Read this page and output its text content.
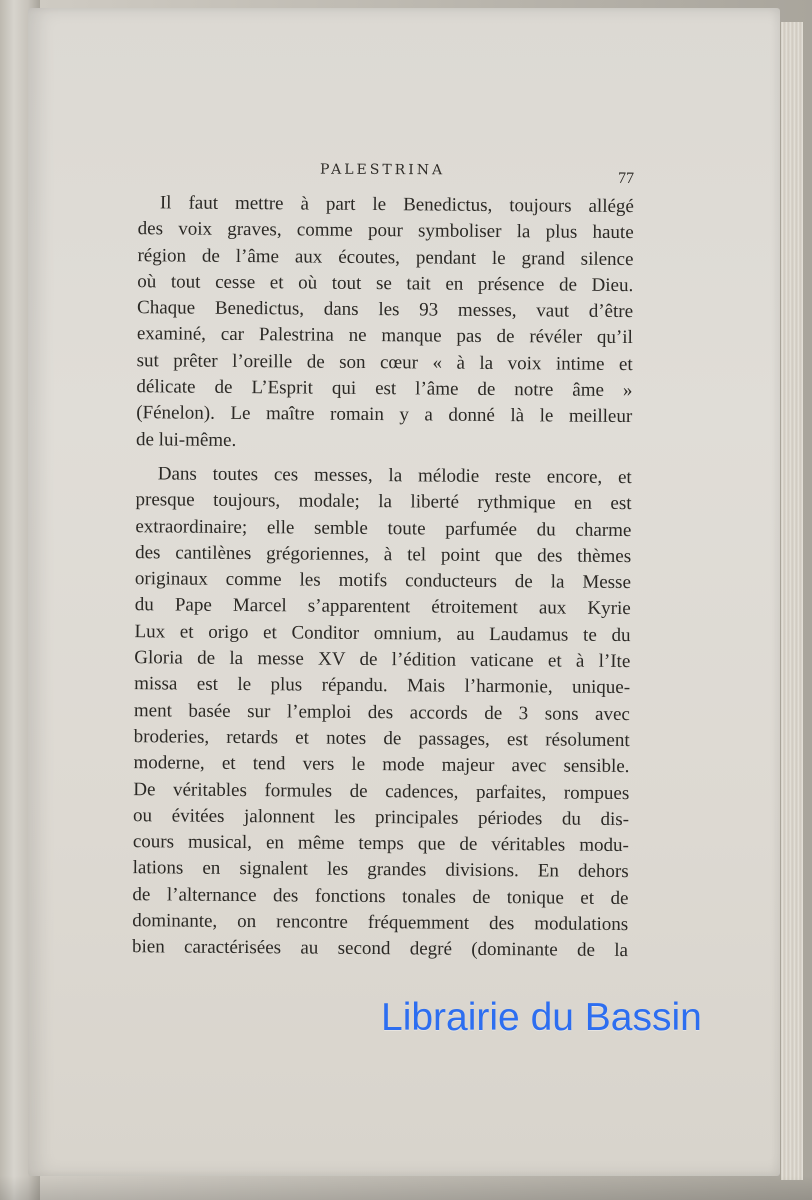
PALESTRINA	77
Il faut mettre à part le Benedictus, toujours allégé
des voix graves, comme pour symboliser la plus haute
région de l’âme aux écoutes, pendant le grand silence
où tout cesse et où tout se tait en présence de Dieu.
Chaque Benedictus, dans les 93 messes, vaut d’être
examiné, car Palestrina ne manque pas de révéler qu’il
sut prêter l’oreille de son cœur « à la voix intime et
délicate de L’Esprit qui est l’âme de notre âme »
(Fénelon). Le maître romain y a donné là le meilleur
de lui-même.
Dans toutes ces messes, la mélodie reste encore, et
presque toujours, modale; la liberté rythmique en est
extraordinaire; elle semble toute parfumée du charme
des cantilènes grégoriennes, à tel point que des thèmes
originaux comme les motifs conducteurs de la Messe
du Pape Marcel s’apparentent étroitement aux Kyrie
Lux et origo et Conditor omnium, au Laudamus te du
Gloria de la messe XV de l’édition vaticane et à l’Ite
missa est le plus répandu. Mais l’harmonie, unique-
ment basée sur l’emploi des accords de 3 sons avec
broderies, retards et notes de passages, est résolument
moderne, et tend vers le mode majeur avec sensible.
De véritables formules de cadences, parfaites, rompues
ou évitées jalonnent les principales périodes du dis-
cours musical, en même temps que de véritables modu-
lations en signalent les grandes divisions. En dehors
de l’alternance des fonctions tonales de tonique et de
dominante, on rencontre fréquemment des modulations
bien caractérisées au second degré (dominante de la
Librairie du Bassin
